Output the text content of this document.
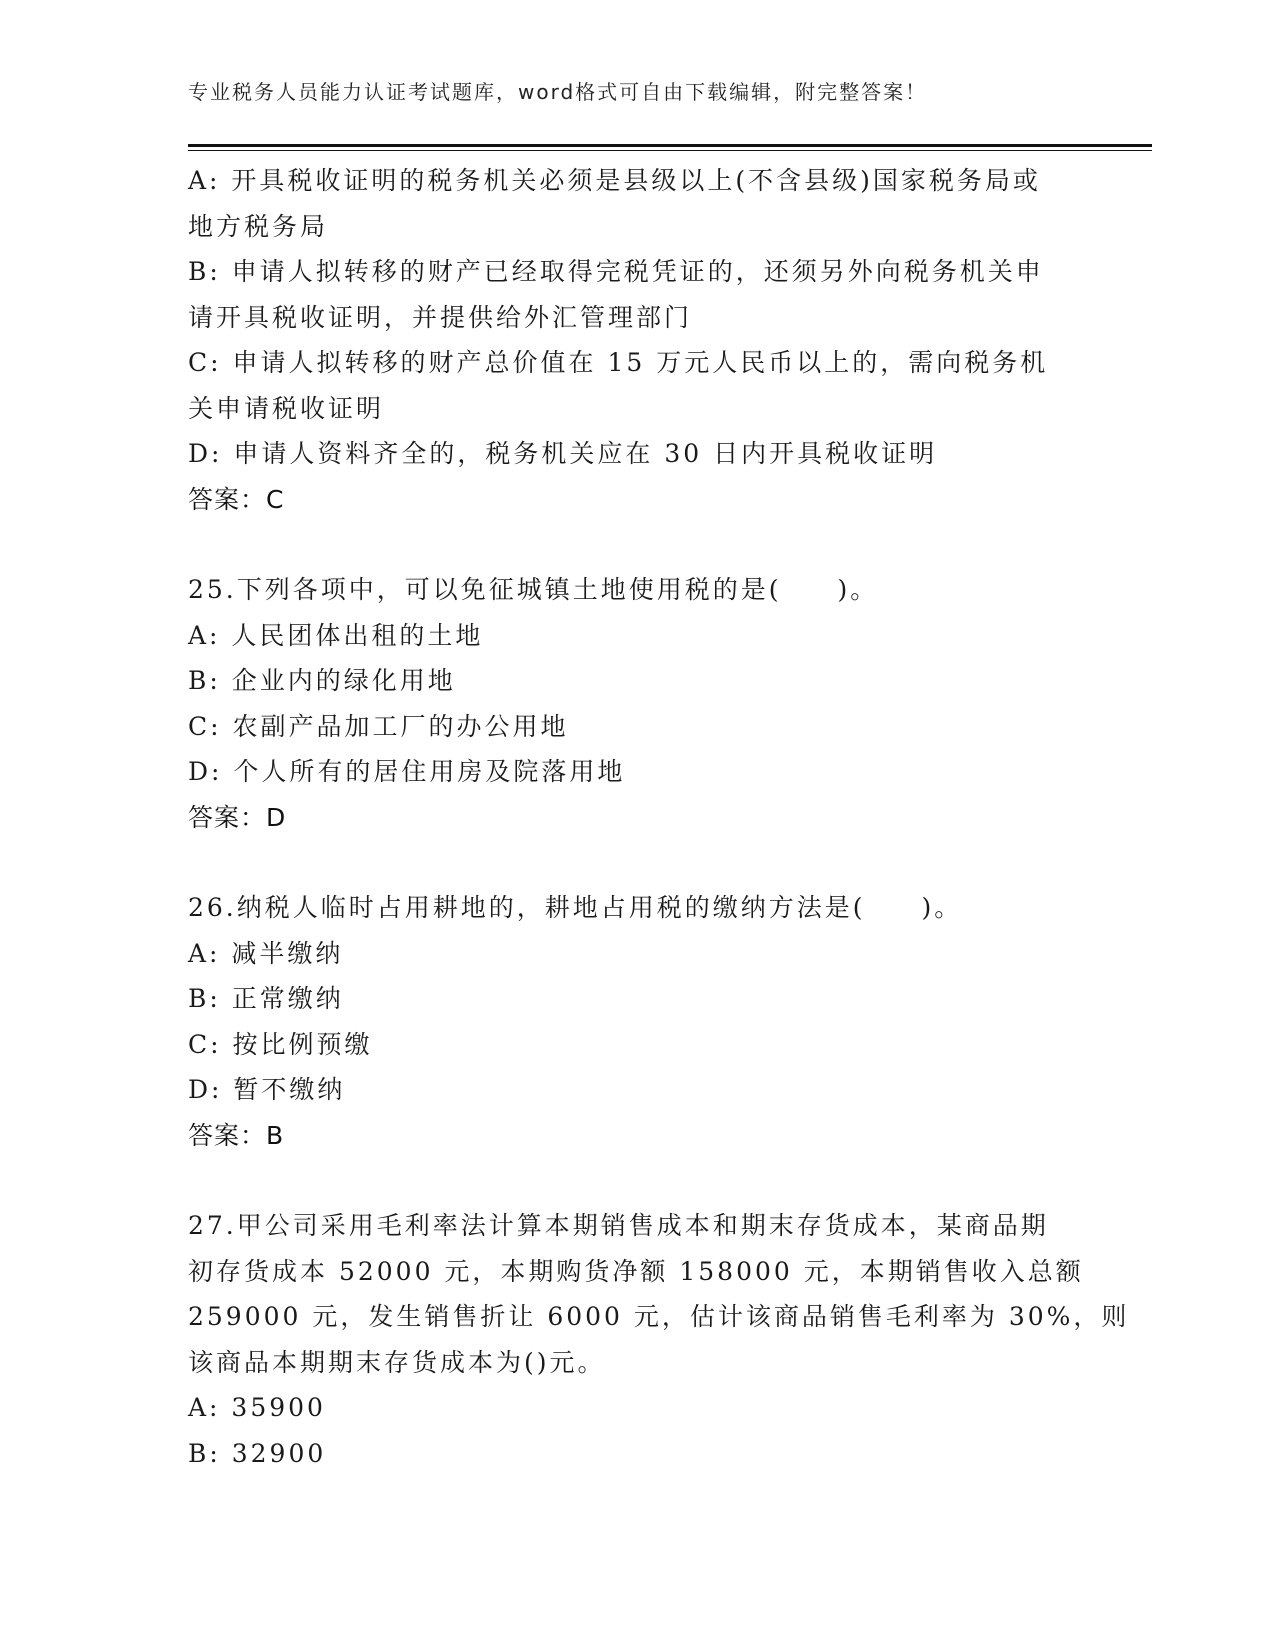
专业税务人员能力认证考试题库，word格式可自由下载编辑，附完整答案！
A: 开具税收证明的税务机关必须是县级以上(不含县级)国家税务局或
地方税务局
B: 申请人拟转移的财产已经取得完税凭证的，还须另外向税务机关申
请开具税收证明，并提供给外汇管理部门
C: 申请人拟转移的财产总价值在 15 万元人民币以上的，需向税务机
关申请税收证明
D: 申请人资料齐全的，税务机关应在 30 日内开具税收证明
答案：C
25.下列各项中，可以免征城镇土地使用税的是(　　)。
A: 人民团体出租的土地
B: 企业内的绿化用地
C: 农副产品加工厂的办公用地
D: 个人所有的居住用房及院落用地
答案：D
26.纳税人临时占用耕地的，耕地占用税的缴纳方法是(　　)。
A: 减半缴纳
B: 正常缴纳
C: 按比例预缴
D: 暂不缴纳
答案：B
27.甲公司采用毛利率法计算本期销售成本和期末存货成本，某商品期
初存货成本 52000 元，本期购货净额 158000 元，本期销售收入总额
259000 元，发生销售折让 6000 元，估计该商品销售毛利率为 30%，则
该商品本期期末存货成本为()元。
A: 35900
B: 32900
